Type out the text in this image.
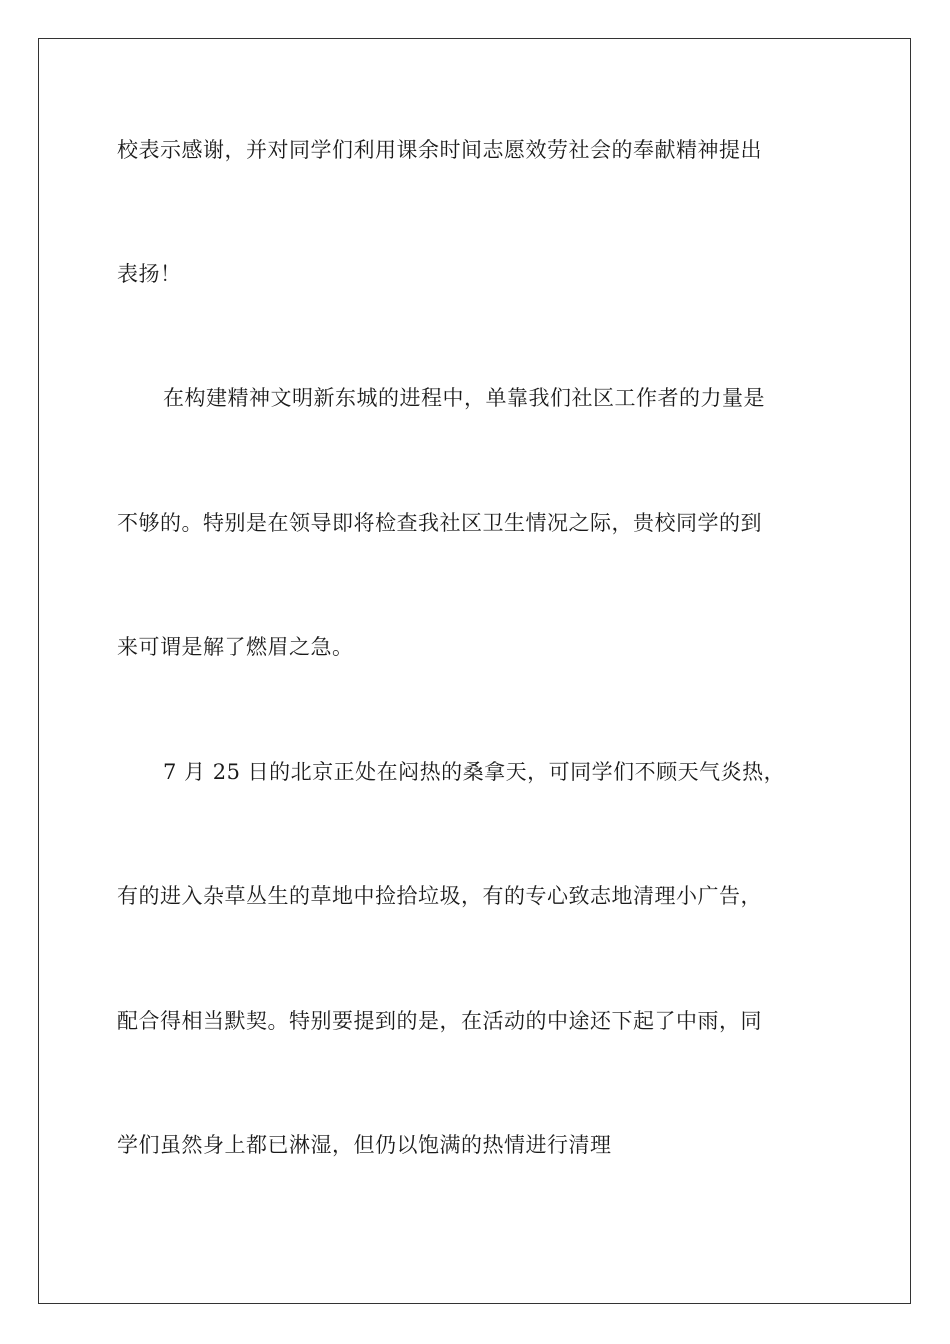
校表示感谢，并对同学们利用课余时间志愿效劳社会的奉献精神提出
表扬！
在构建精神文明新东城的进程中，单靠我们社区工作者的力量是
不够的。特别是在领导即将检查我社区卫生情况之际，贵校同学的到
来可谓是解了燃眉之急。
7 月 25 日的北京正处在闷热的桑拿天，可同学们不顾天气炎热，
有的进入杂草丛生的草地中捡拾垃圾，有的专心致志地清理小广告，
配合得相当默契。特别要提到的是，在活动的中途还下起了中雨，同
学们虽然身上都已淋湿，但仍以饱满的热情进行清理
